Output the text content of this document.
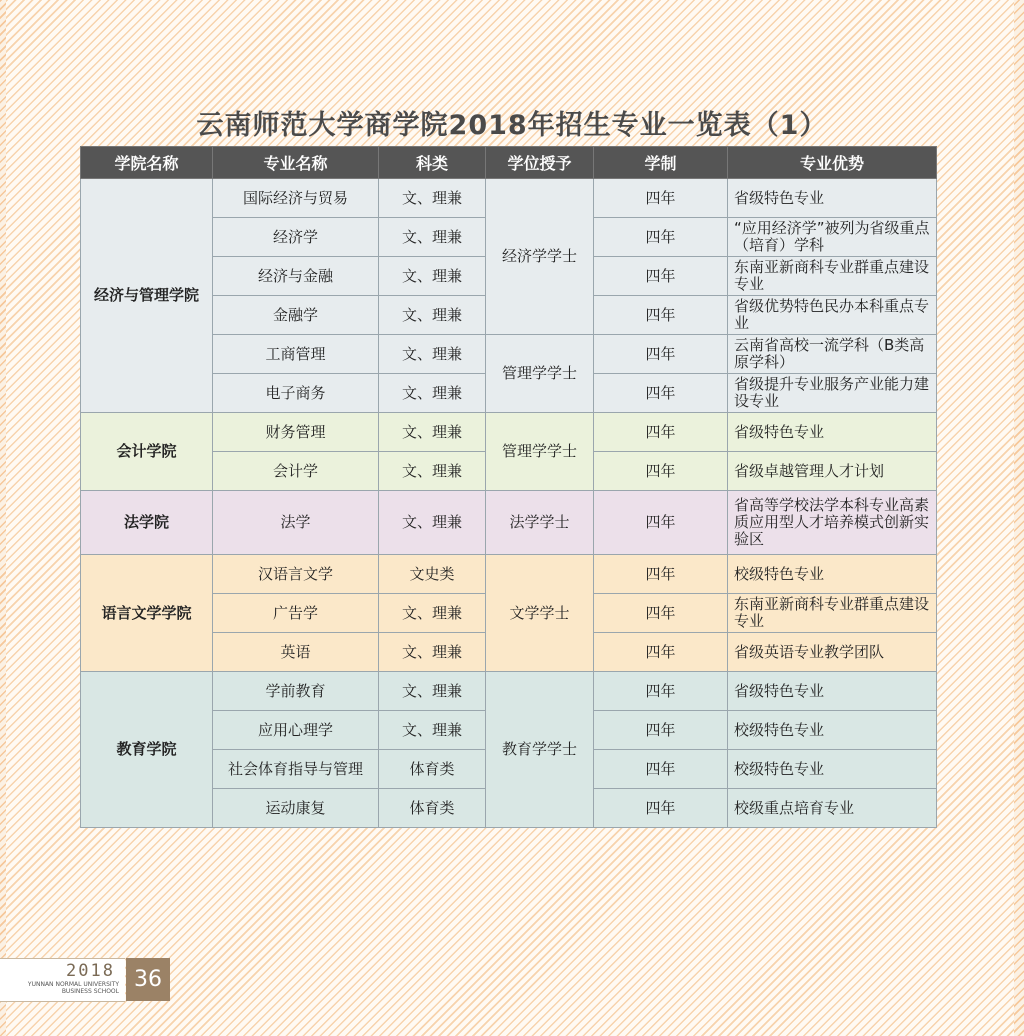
云南师范大学商学院2018年招生专业一览表（1）
学院名称	专业名称	科类	学位授予	学制	专业优势
经济与管理学院	国际经济与贸易	文、理兼	经济学学士	四年	省级特色专业
	经济学	文、理兼		四年	“应用经济学”被列为省级重点（培育）学科
	经济与金融	文、理兼		四年	东南亚新商科专业群重点建设专业
	金融学	文、理兼		四年	省级优势特色民办本科重点专业
	工商管理	文、理兼	管理学学士	四年	云南省高校一流学科（B类高原学科）
	电子商务	文、理兼		四年	省级提升专业服务产业能力建设专业
会计学院	财务管理	文、理兼	管理学学士	四年	省级特色专业
	会计学	文、理兼		四年	省级卓越管理人才计划
法学院	法学	文、理兼	法学学士	四年	省高等学校法学本科专业高素质应用型人才培养模式创新实验区
语言文学学院	汉语言文学	文史类	文学学士	四年	校级特色专业
	广告学	文、理兼		四年	东南亚新商科专业群重点建设专业
	英语	文、理兼		四年	省级英语专业教学团队
教育学院	学前教育	文、理兼	教育学学士	四年	省级特色专业
	应用心理学	文、理兼		四年	校级特色专业
	社会体育指导与管理	体育类		四年	校级特色专业
	运动康复	体育类		四年	校级重点培育专业
2018
YUNNAN NORMAL UNIVERSITY
BUSINESS SCHOOL 36
